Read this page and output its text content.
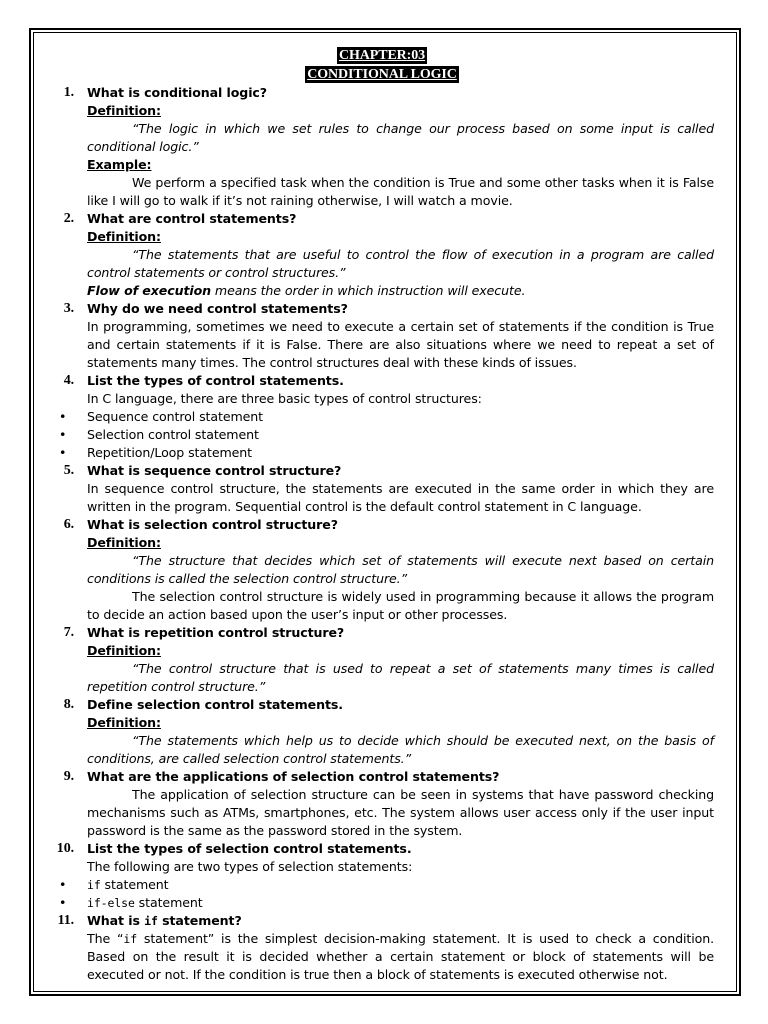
CHAPTER:03
CONDITIONAL LOGIC
1. What is conditional logic?
Definition:
“The logic in which we set rules to change our process based on some input is called conditional logic.”
Example:
We perform a specified task when the condition is True and some other tasks when it is False like I will go to walk if it’s not raining otherwise, I will watch a movie.
2. What are control statements?
Definition:
“The statements that are useful to control the flow of execution in a program are called control statements or control structures.”
Flow of execution means the order in which instruction will execute.
3. Why do we need control statements?
In programming, sometimes we need to execute a certain set of statements if the condition is True and certain statements if it is False. There are also situations where we need to repeat a set of statements many times. The control structures deal with these kinds of issues.
4. List the types of control statements.
In C language, there are three basic types of control structures:
• Sequence control statement
• Selection control statement
• Repetition/Loop statement
5. What is sequence control structure?
In sequence control structure, the statements are executed in the same order in which they are written in the program. Sequential control is the default control statement in C language.
6. What is selection control structure?
Definition:
“The structure that decides which set of statements will execute next based on certain conditions is called the selection control structure.”
The selection control structure is widely used in programming because it allows the program to decide an action based upon the user’s input or other processes.
7. What is repetition control structure?
Definition:
“The control structure that is used to repeat a set of statements many times is called repetition control structure.”
8. Define selection control statements.
Definition:
“The statements which help us to decide which should be executed next, on the basis of conditions, are called selection control statements.”
9. What are the applications of selection control statements?
The application of selection structure can be seen in systems that have password checking mechanisms such as ATMs, smartphones, etc. The system allows user access only if the user input password is the same as the password stored in the system.
10. List the types of selection control statements.
The following are two types of selection statements:
• if statement
• if-else statement
11. What is if statement?
The “if statement” is the simplest decision-making statement. It is used to check a condition. Based on the result it is decided whether a certain statement or block of statements will be executed or not. If the condition is true then a block of statements is executed otherwise not.
